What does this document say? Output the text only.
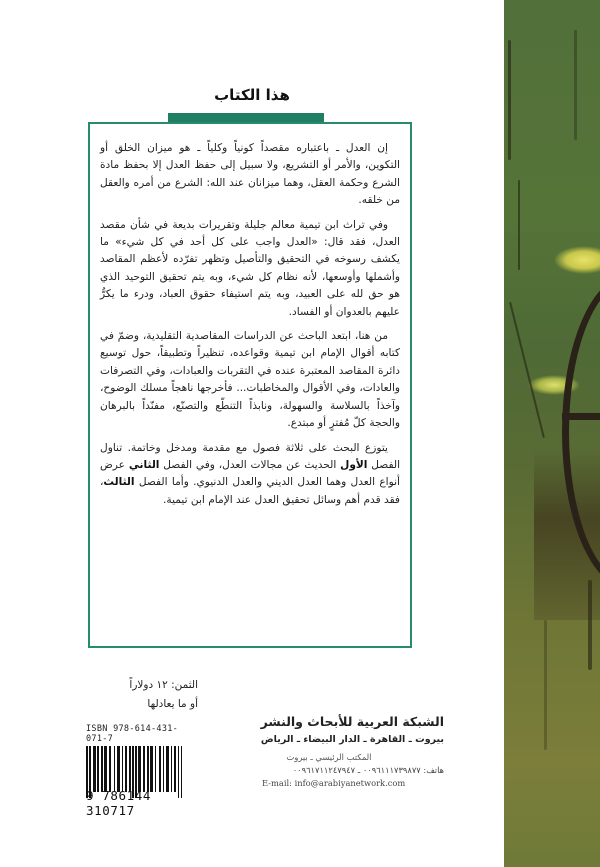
هذا الكتاب

إن العدل ـ باعتباره مقصداً كونياً وكلياً ـ هو ميزان الخلق أو التكوين، والأمر أو التشريع، ولا سبيل إلى حفظ العدل إلا بحفظ مادة الشرع وحكمة العقل، وهما ميزانان عند الله: الشرع من أمره والعقل من خلقه.

وفي تراث ابن تيمية معالم جليلة وتقريرات بديعة في شأن مقصد العدل، فقد قال: «العدل واجب على كل أحد في كل شيء» ما يكشف رسوخه في التحقيق والتأصيل وتظهر تفرّده لأعظم المقاصد وأشملها وأوسعها، لأنه نظام كل شيء، وبه يتم تحقيق التوحيد الذي هو حق لله على العبيد، وبه يتم استيفاء حقوق العباد، ودرء ما يكرُّ عليهم بالعدوان أو الفساد.

من هنا، ابتعد الباحث عن الدراسات المقاصدية التقليدية، وضمّ في كتابه أقوال الإمام ابن تيمية وقواعده، تنظيراً وتطبيقاً، حول توسيع دائرة المقاصد المعتبرة عنده في التقربات والعبادات، وفي التصرفات والعادات، وفي الأقوال والمخاطبات... فأخرجها ناهجاً مسلك الوضوح، وآخذاً بالسلاسة والسهولة، ونابذاً التنطّع والتصنّع، مفنّداً بالبرهان والحجة كلّ مُفترٍ أو مبتدع.

يتوزع البحث على ثلاثة فصول مع مقدمة ومدخل وخاتمة. تناول الفصل الأول الحديث عن مجالات العدل، وفي الفصل الثاني عرض أنواع العدل وهما العدل الديني والعدل الدنيوي. وأما الفصل الثالث، فقد قدم أهم وسائل تحقيق العدل عند الإمام ابن تيمية.

الثمن: ١٢ دولاراً
أو ما يعادلها
ISBN 978-614-431-071-7
9 786144 310717
الشبكة العربية للأبحاث والنشر
بيروت ـ القاهرة ـ الدار البيضاء ـ الرياض
المكتب الرئيسي ـ بيروت
هاتف: ٠٠٩٦١١١٧٣٩٨٧٧ ـ ٠٠٩٦١٧١١٢٤٧٩٤٧
E-mail: info@arabiyanetwork.com
